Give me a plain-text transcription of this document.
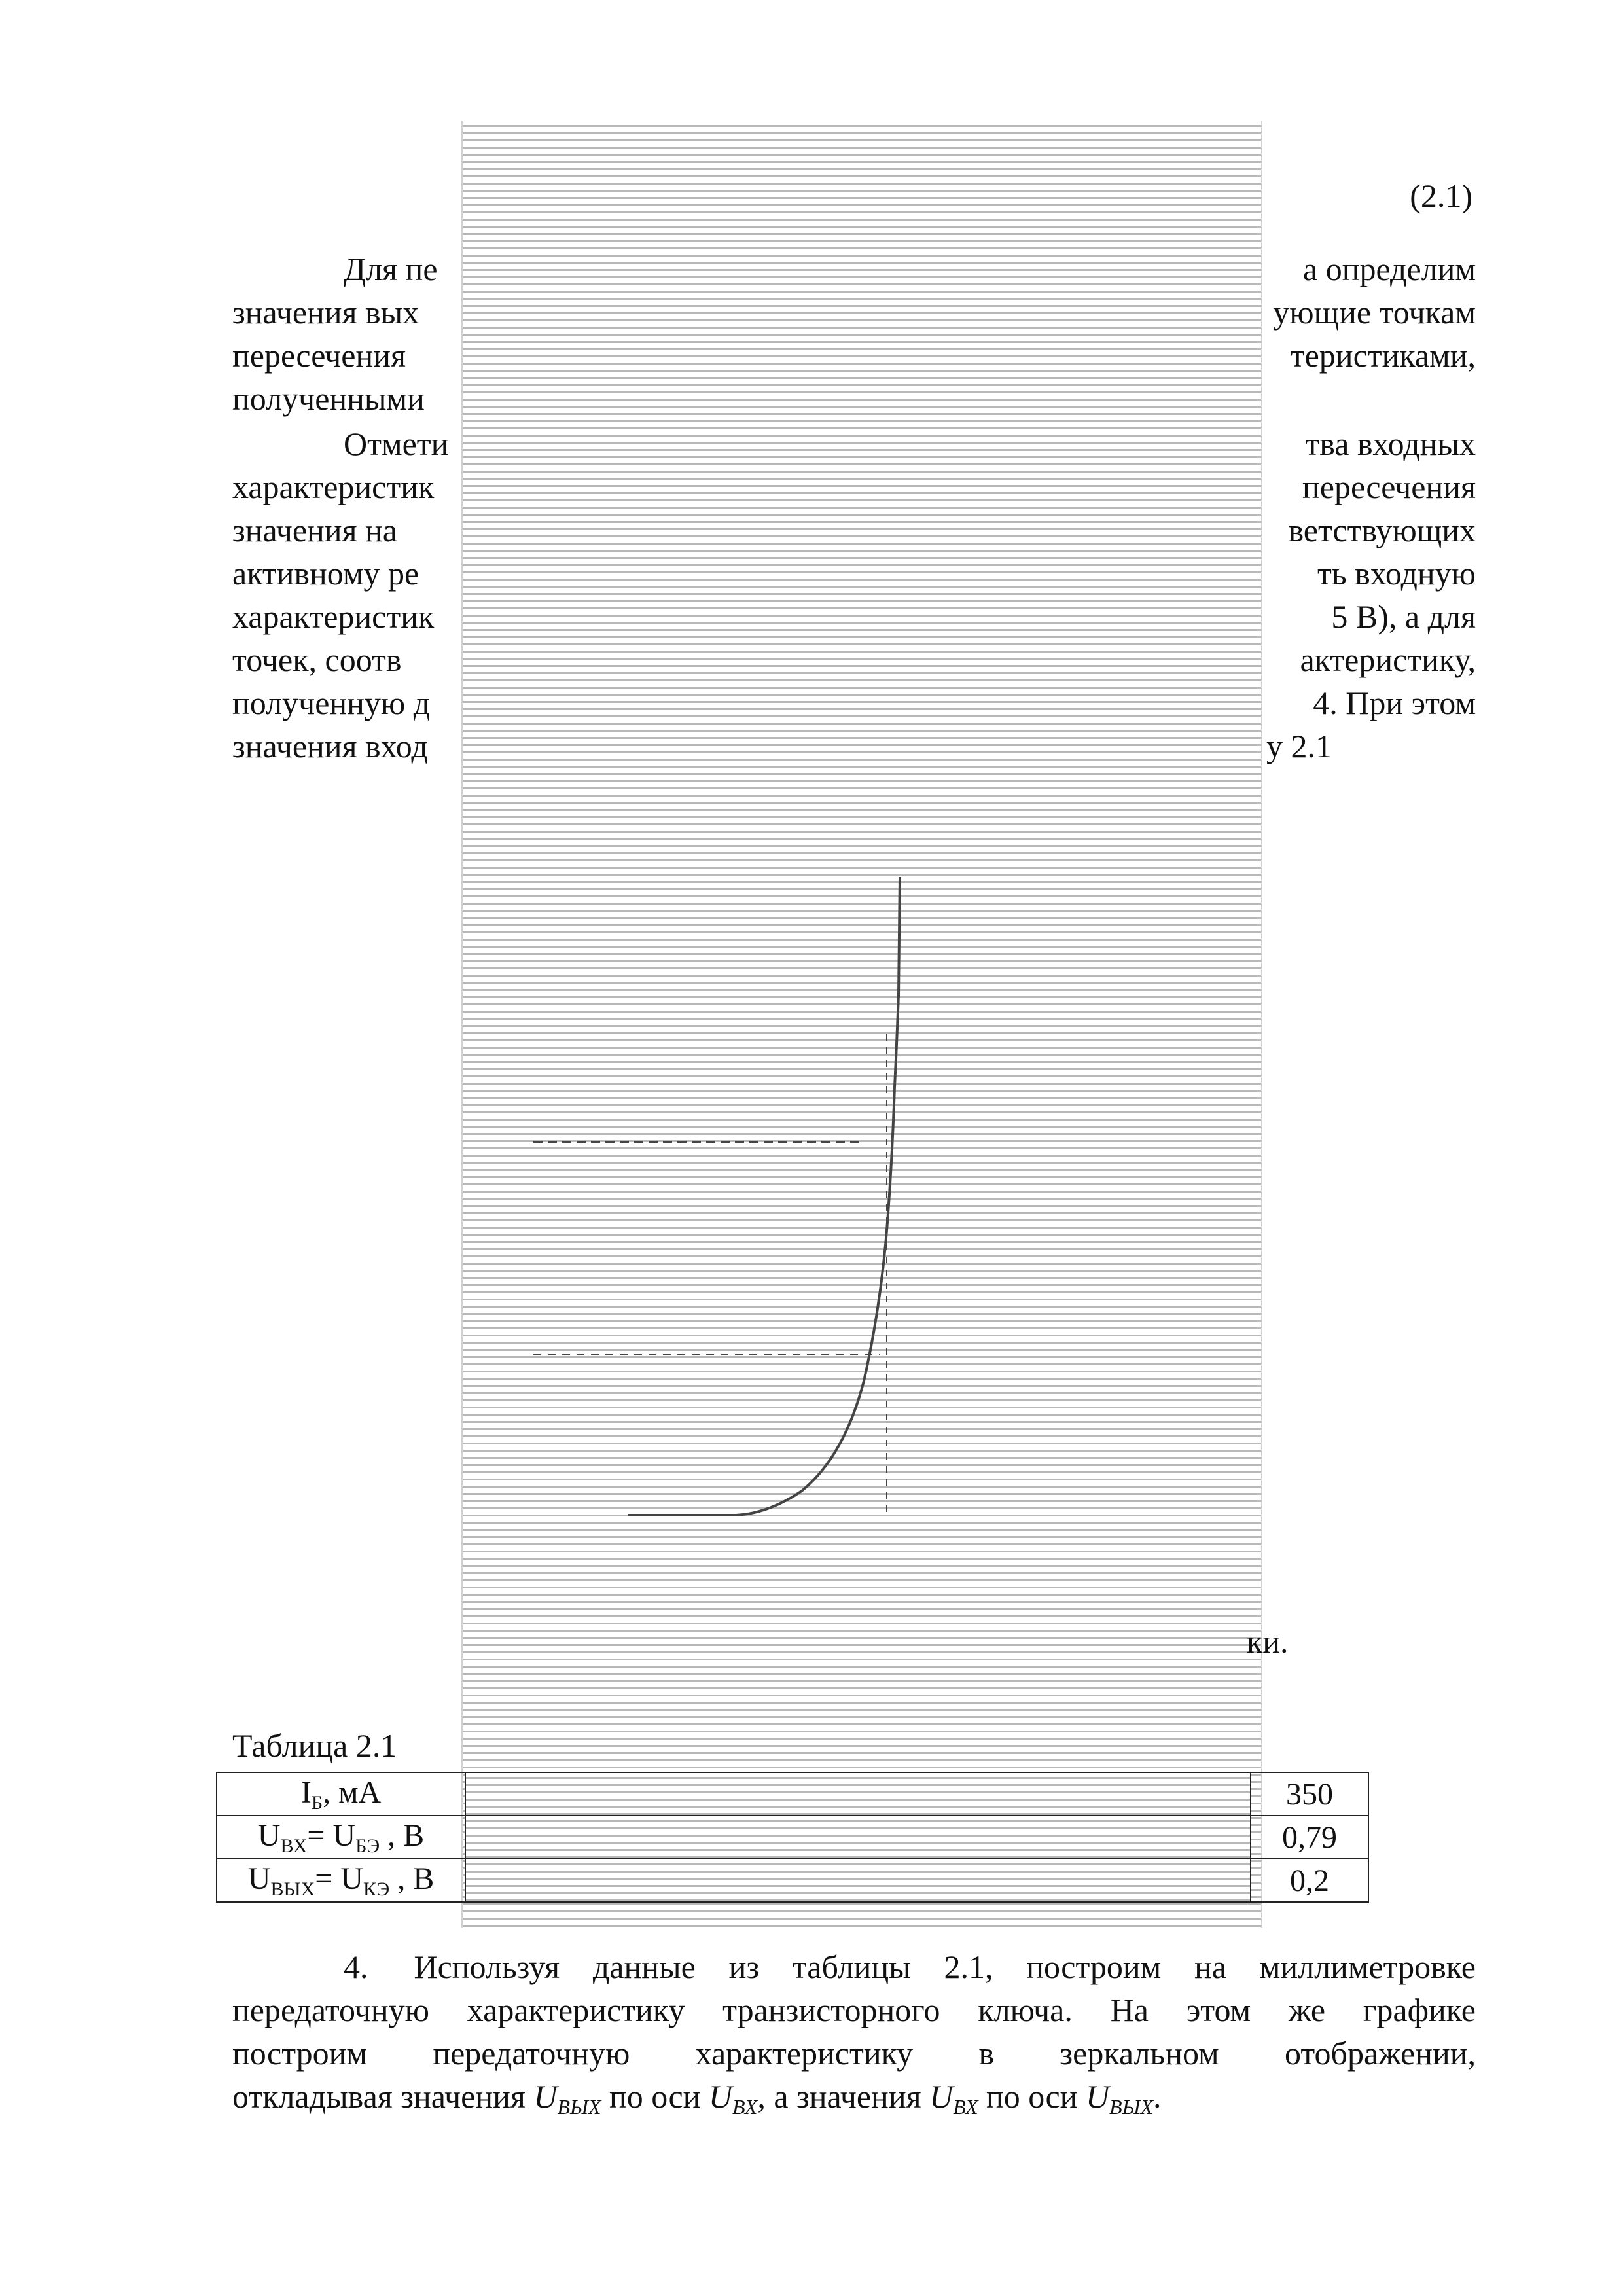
(2.1)
Для пе	а определим
значения вых	ующие точкам
пересечения	теристиками,
полученными
Отмети	тва входных
характеристик	пересечения
значения на	ветствующих
активному ре	ть входную
характеристик	5 В), а для
точек, соотв	актеристику,
полученную д	4. При этом
значения вход	у 2.1
ки.
Таблица 2.1
$I_Б$, мА		350
$U_{ВХ}= U_{БЭ}$ , В		0,79
$U_{ВЫХ}= U_{КЭ}$ , В		0,2
4. Используя данные из таблицы 2.1, построим на миллиметровке
передаточную характеристику транзисторного ключа. На этом же графике
построим передаточную характеристику в зеркальном отображении,
откладывая значения $U_{ВЫХ}$ по оси $U_{ВХ}$, а значения $U_{ВХ}$ по оси $U_{ВЫХ}$.
